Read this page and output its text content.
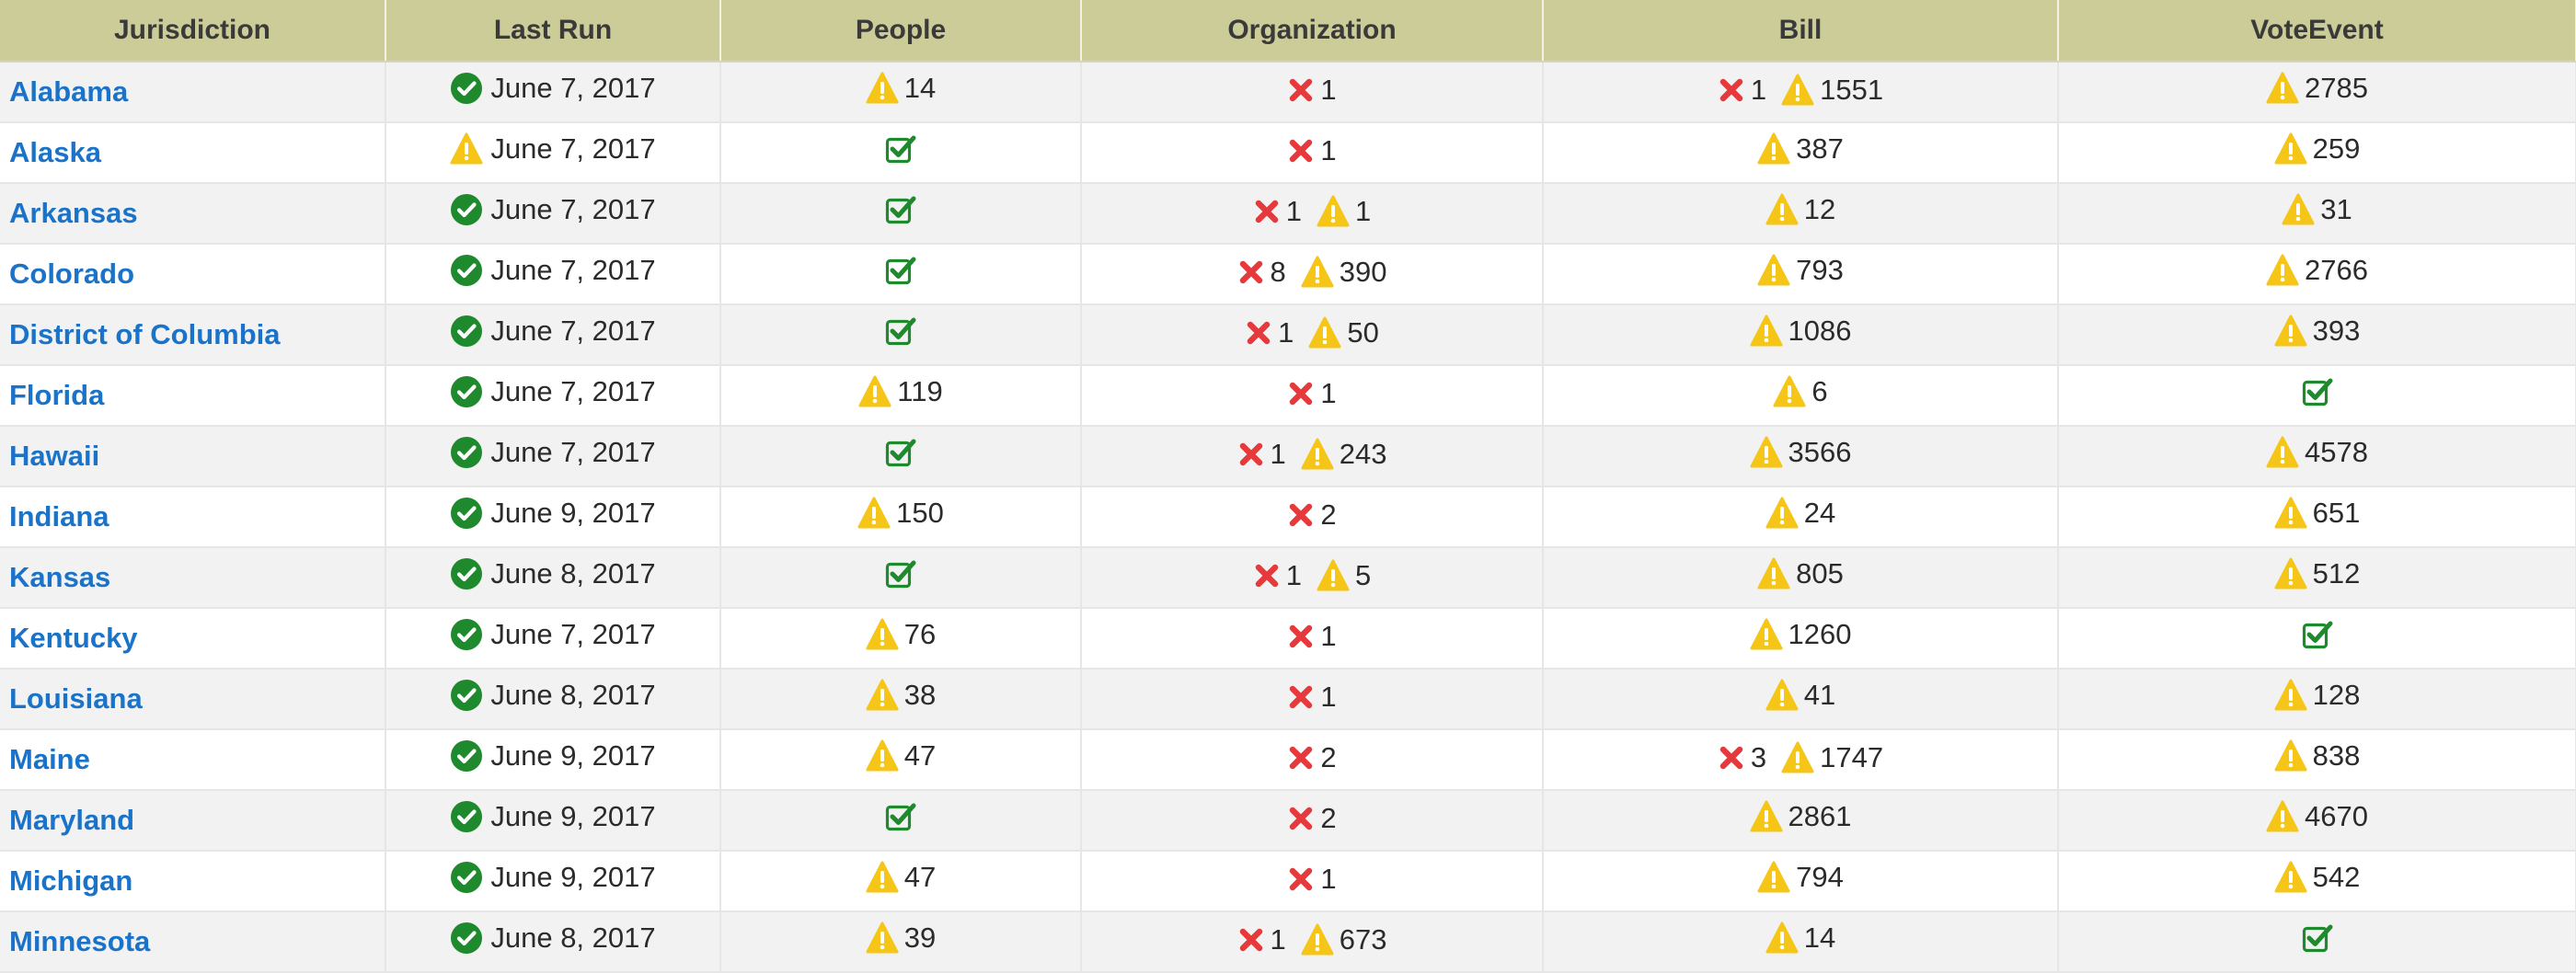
Jurisdiction	Last Run	People	Organization	Bill	VoteEvent
Alabama	June 7, 2017	14	1	1 1551	2785

Alaska	June 7, 2017		1	387	259

Arkansas	June 7, 2017		1 1	12	31

Colorado	June 7, 2017		8 390	793	2766

District of Columbia	June 7, 2017		1 50	1086	393

Florida	June 7, 2017	119	1	6

Hawaii	June 7, 2017		1 243	3566	4578

Indiana	June 9, 2017	150	2	24	651

Kansas	June 8, 2017		1 5	805	512

Kentucky	June 7, 2017	76	1	1260

Louisiana	June 8, 2017	38	1	41	128

Maine	June 9, 2017	47	2	3 1747	838

Maryland	June 9, 2017		2	2861	4670

Michigan	June 9, 2017	47	1	794	542

Minnesota	June 8, 2017	39	1 673	14
